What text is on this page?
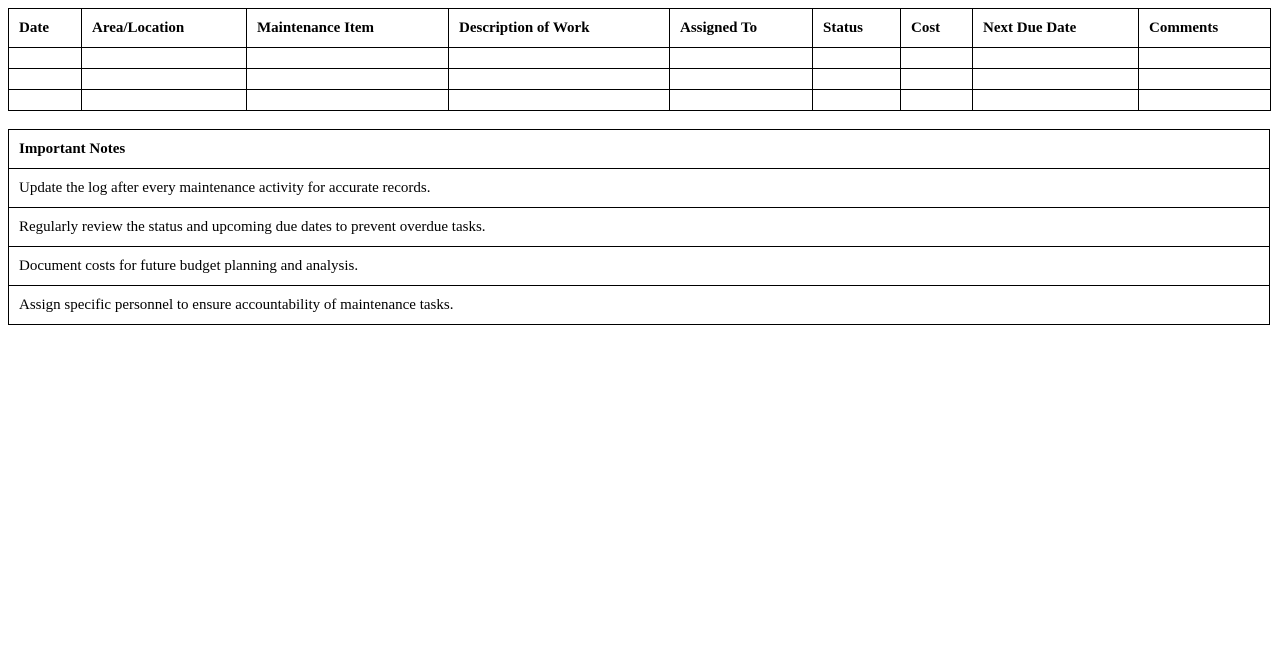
Date	Area/Location	Maintenance Item	Description of Work	Assigned To	Status	Cost	Next Due Date	Comments

Important Notes
Update the log after every maintenance activity for accurate records.
Regularly review the status and upcoming due dates to prevent overdue tasks.
Document costs for future budget planning and analysis.
Assign specific personnel to ensure accountability of maintenance tasks.
